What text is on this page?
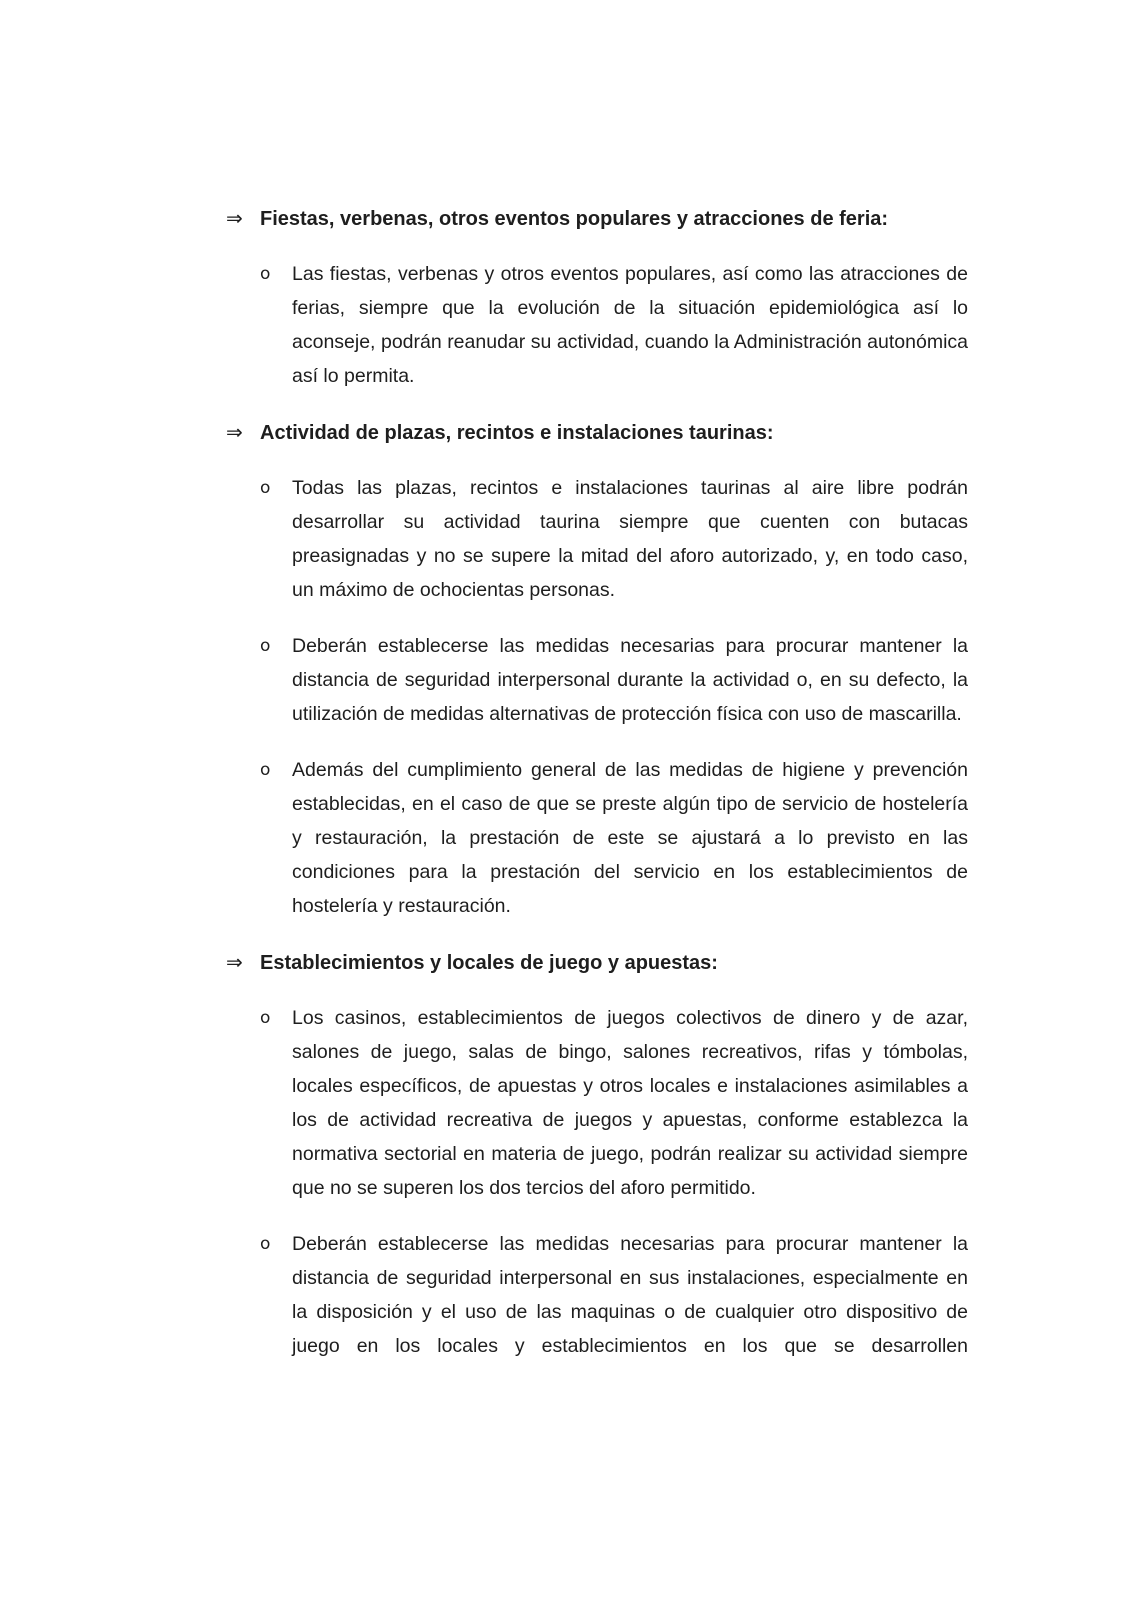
⇒ Fiestas, verbenas, otros eventos populares y atracciones de feria:
o	Las fiestas, verbenas y otros eventos populares, así como las atracciones de ferias, siempre que la evolución de la situación epidemiológica así lo aconseje, podrán reanudar su actividad, cuando la Administración autonómica así lo permita.

⇒ Actividad de plazas, recintos e instalaciones taurinas:
o	Todas las plazas, recintos e instalaciones taurinas al aire libre podrán desarrollar su actividad taurina siempre que cuenten con butacas preasignadas y no se supere la mitad del aforo autorizado, y, en todo caso, un máximo de ochocientas personas.

o	Deberán establecerse las medidas necesarias para procurar mantener la distancia de seguridad interpersonal durante la actividad o, en su defecto, la utilización de medidas alternativas de protección física con uso de mascarilla.

o	Además del cumplimiento general de las medidas de higiene y prevención establecidas, en el caso de que se preste algún tipo de servicio de hostelería y restauración, la prestación de este se ajustará a lo previsto en las condiciones para la prestación del servicio en los establecimientos de hostelería y restauración.

⇒ Establecimientos y locales de juego y apuestas:
o	Los casinos, establecimientos de juegos colectivos de dinero y de azar, salones de juego, salas de bingo, salones recreativos, rifas y tómbolas, locales específicos, de apuestas y otros locales e instalaciones asimilables a los de actividad recreativa de juegos y apuestas, conforme establezca la normativa sectorial en materia de juego, podrán realizar su actividad siempre que no se superen los dos tercios del aforo permitido.

o	Deberán establecerse las medidas necesarias para procurar mantener la distancia de seguridad interpersonal en sus instalaciones, especialmente en la disposición y el uso de las maquinas o de cualquier otro dispositivo de juego en los locales y establecimientos en los que se desarrollen
